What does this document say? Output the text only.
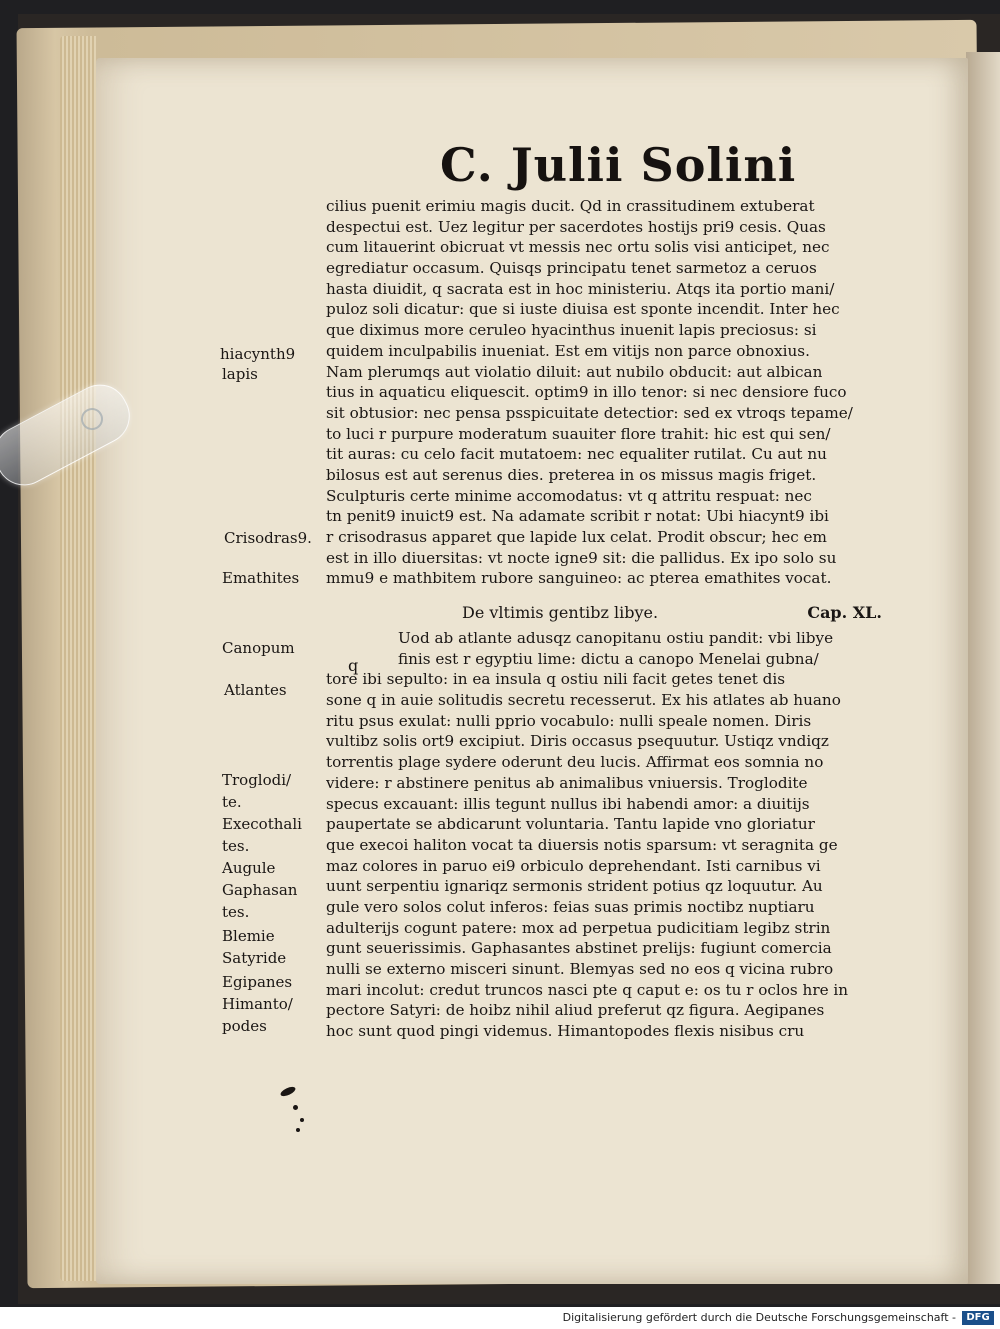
C. Julii Solini
cilius puenit erimiu magis ducit. Qd in crassitudinem extuberat
despectui est. Uez legitur per sacerdotes hostijs pri9 cesis. Quas
cum litauerint obicruat vt messis nec ortu solis visi anticipet, nec
egrediatur occasum. Quisqs principatu tenet sarmetoz a ceruos
hasta diuidit, q sacrata est in hoc ministeriu. Atqs ita portio mani/
puloz soli dicatur: que si iuste diuisa est sponte incendit. Inter hec
que diximus more ceruleo hyacinthus inuenit lapis preciosus: si
quidem inculpabilis inueniat. Est em vitijs non parce obnoxius.
Nam plerumqs aut violatio diluit: aut nubilo obducit: aut albican
tius in aquaticu eliquescit. optim9 in illo tenor: si nec densiore fuco
sit obtusior: nec pensa psspicuitate detectior: sed ex vtroqs tepame/
to luci r purpure moderatum suauiter flore trahit: hic est qui sen/
tit auras: cu celo facit mutatoem: nec equaliter rutilat. Cu aut nu
bilosus est aut serenus dies. preterea in os missus magis friget.
Sculpturis certe minime accomodatus: vt q attritu respuat: nec
tn penit9 inuict9 est. Na adamate scribit r notat: Ubi hiacynt9 ibi
r crisodrasus apparet que lapide lux celat. Prodit obscur; hec em
est in illo diuersitas: vt nocte igne9 sit: die pallidus. Ex ipo solo su
mmu9 e mathbitem rubore sanguineo: ac pterea emathites vocat.
De vltimis gentibz libye.	Cap. XL.
q
Uod ab atlante adusqz canopitanu ostiu pandit: vbi libye
finis est r egyptiu lime: dictu a canopo Menelai gubna/
tore ibi sepulto: in ea insula q ostiu nili facit getes tenet dis
sone q in auie solitudis secretu recesserut. Ex his atlates ab huano
ritu psus exulat: nulli pprio vocabulo: nulli speale nomen. Diris
vultibz solis ort9 excipiut. Diris occasus psequutur. Ustiqz vndiqz
torrentis plage sydere oderunt deu lucis. Affirmat eos somnia no
videre: r abstinere penitus ab animalibus vniuersis. Troglodite
specus excauant: illis tegunt nullus ibi habendi amor: a diuitijs
paupertate se abdicarunt voluntaria. Tantu lapide vno gloriatur
que execoi haliton vocat ta diuersis notis sparsum: vt seragnita ge
maz colores in paruo ei9 orbiculo deprehendant. Isti carnibus vi
uunt serpentiu ignariqz sermonis strident potius qz loquutur. Au
gule vero solos colut inferos: feias suas primis noctibz nuptiaru
adulterijs cogunt patere: mox ad perpetua pudicitiam legibz strin
gunt seuerissimis. Gaphasantes abstinet prelijs: fugiunt comercia
nulli se externo misceri sinunt. Blemyas sed no eos q vicina rubro
mari incolut: credut truncos nasci pte q caput e: os tu r oclos hre in
pectore Satyri: de hoibz nihil aliud preferut qz figura. Aegipanes
hoc sunt quod pingi videmus. Himantopodes flexis nisibus cru
hiacynth9
lapis
Crisodras9.
Emathites
Canopum
Atlantes
Troglodi/
te.
Execothali
tes.
Augule
Gaphasan
tes.
Blemie
Satyride
Egipanes
Himanto/
podes
Digitalisierung gefördert durch die Deutsche Forschungsgemeinschaft -	DFG
